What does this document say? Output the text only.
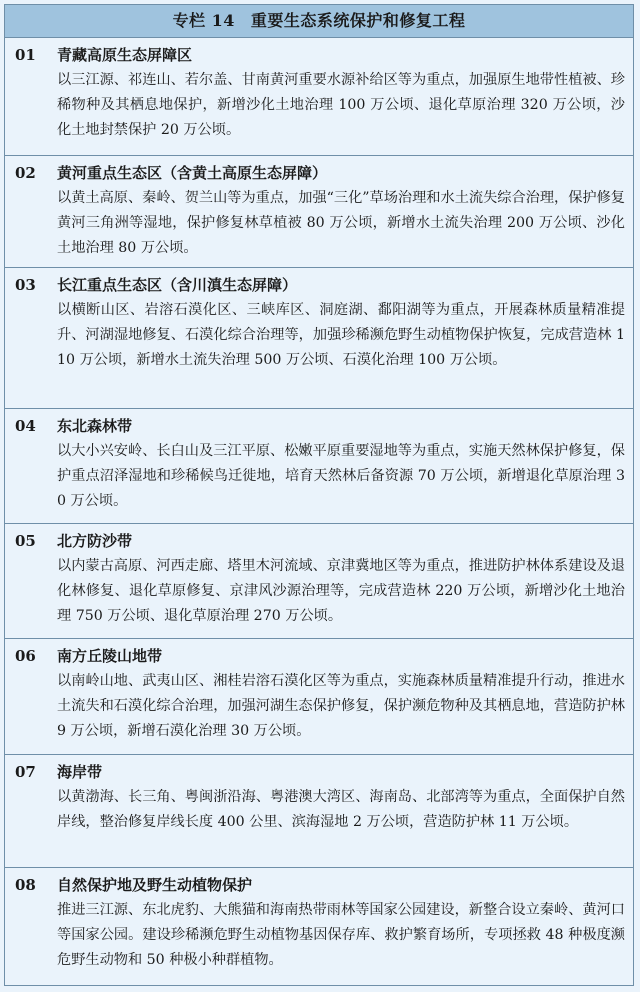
专栏 14 重要生态系统保护和修复工程
01	青藏高原生态屏障区
以三江源、祁连山、若尔盖、甘南黄河重要水源补给区等为重点，加强原生地带性植被、珍稀物种及其栖息地保护，新增沙化土地治理 100 万公顷、退化草原治理 320 万公顷，沙化土地封禁保护 20 万公顷。
02	黄河重点生态区（含黄土高原生态屏障）
以黄土高原、秦岭、贺兰山等为重点，加强“三化”草场治理和水土流失综合治理，保护修复黄河三角洲等湿地，保护修复林草植被 80 万公顷，新增水土流失治理 200 万公顷、沙化土地治理 80 万公顷。
03	长江重点生态区（含川滇生态屏障）
以横断山区、岩溶石漠化区、三峡库区、洞庭湖、鄱阳湖等为重点，开展森林质量精准提升、河湖湿地修复、石漠化综合治理等，加强珍稀濒危野生动植物保护恢复，完成营造林 110 万公顷，新增水土流失治理 500 万公顷、石漠化治理 100 万公顷。
04	东北森林带
以大小兴安岭、长白山及三江平原、松嫩平原重要湿地等为重点，实施天然林保护修复，保护重点沼泽湿地和珍稀候鸟迁徙地，培育天然林后备资源 70 万公顷，新增退化草原治理 30 万公顷。
05	北方防沙带
以内蒙古高原、河西走廊、塔里木河流域、京津冀地区等为重点，推进防护林体系建设及退化林修复、退化草原修复、京津风沙源治理等，完成营造林 220 万公顷，新增沙化土地治理 750 万公顷、退化草原治理 270 万公顷。
06	南方丘陵山地带
以南岭山地、武夷山区、湘桂岩溶石漠化区等为重点，实施森林质量精准提升行动，推进水土流失和石漠化综合治理，加强河湖生态保护修复，保护濒危物种及其栖息地，营造防护林 9 万公顷，新增石漠化治理 30 万公顷。
07	海岸带
以黄渤海、长三角、粤闽浙沿海、粤港澳大湾区、海南岛、北部湾等为重点，全面保护自然岸线，整治修复岸线长度 400 公里、滨海湿地 2 万公顷，营造防护林 11 万公顷。
08	自然保护地及野生动植物保护
推进三江源、东北虎豹、大熊猫和海南热带雨林等国家公园建设，新整合设立秦岭、黄河口等国家公园。建设珍稀濒危野生动植物基因保存库、救护繁育场所，专项拯救 48 种极度濒危野生动物和 50 种极小种群植物。
